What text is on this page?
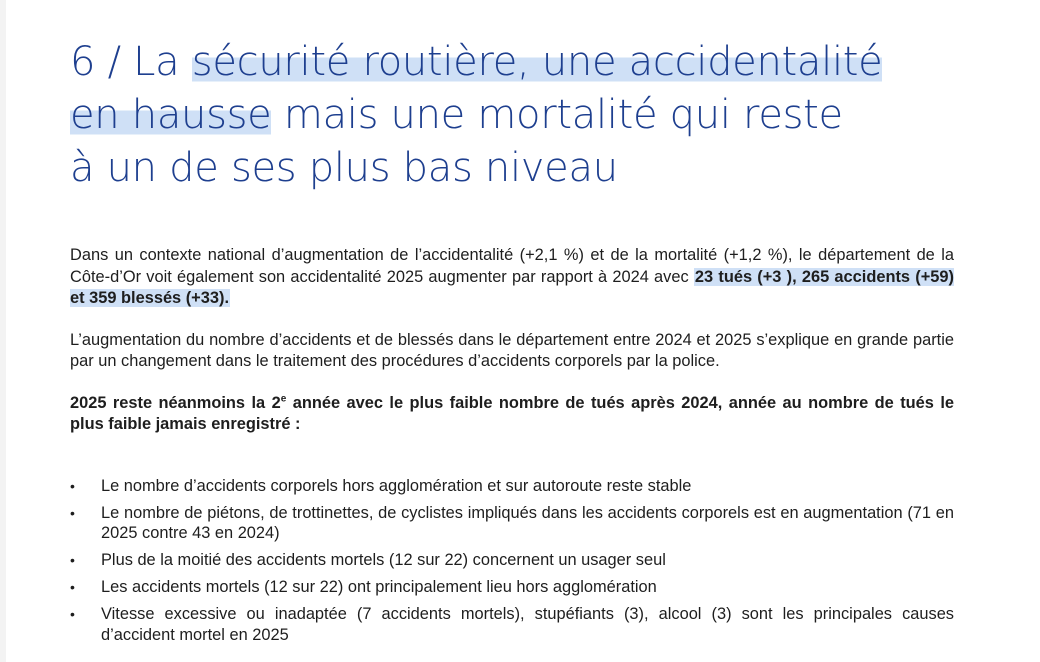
6 / La sécurité routière, une accidentalité
en hausse mais une mortalité qui reste
à un de ses plus bas niveau

Dans un contexte national d’augmentation de l’accidentalité (+2,1 %) et de la mortalité (+1,2 %), le département de la Côte-d’Or voit également son accidentalité 2025 augmenter par rapport à 2024 avec 23 tués (+3 ), 265 accidents (+59) et 359 blessés (+33).

L’augmentation du nombre d’accidents et de blessés dans le département entre 2024 et 2025 s’explique en grande partie par un changement dans le traitement des procédures d’accidents corporels par la police.

2025 reste néanmoins la 2e année avec le plus faible nombre de tués après 2024, année au nombre de tués le plus faible jamais enregistré :

• Le nombre d’accidents corporels hors agglomération et sur autoroute reste stable
• Le nombre de piétons, de trottinettes, de cyclistes impliqués dans les accidents corporels est en augmentation (71 en 2025 contre 43 en 2024)
• Plus de la moitié des accidents mortels (12 sur 22) concernent un usager seul
• Les accidents mortels (12 sur 22) ont principalement lieu hors agglomération
• Vitesse excessive ou inadaptée (7 accidents mortels), stupéfiants (3), alcool (3) sont les principales causes d’accident mortel en 2025
